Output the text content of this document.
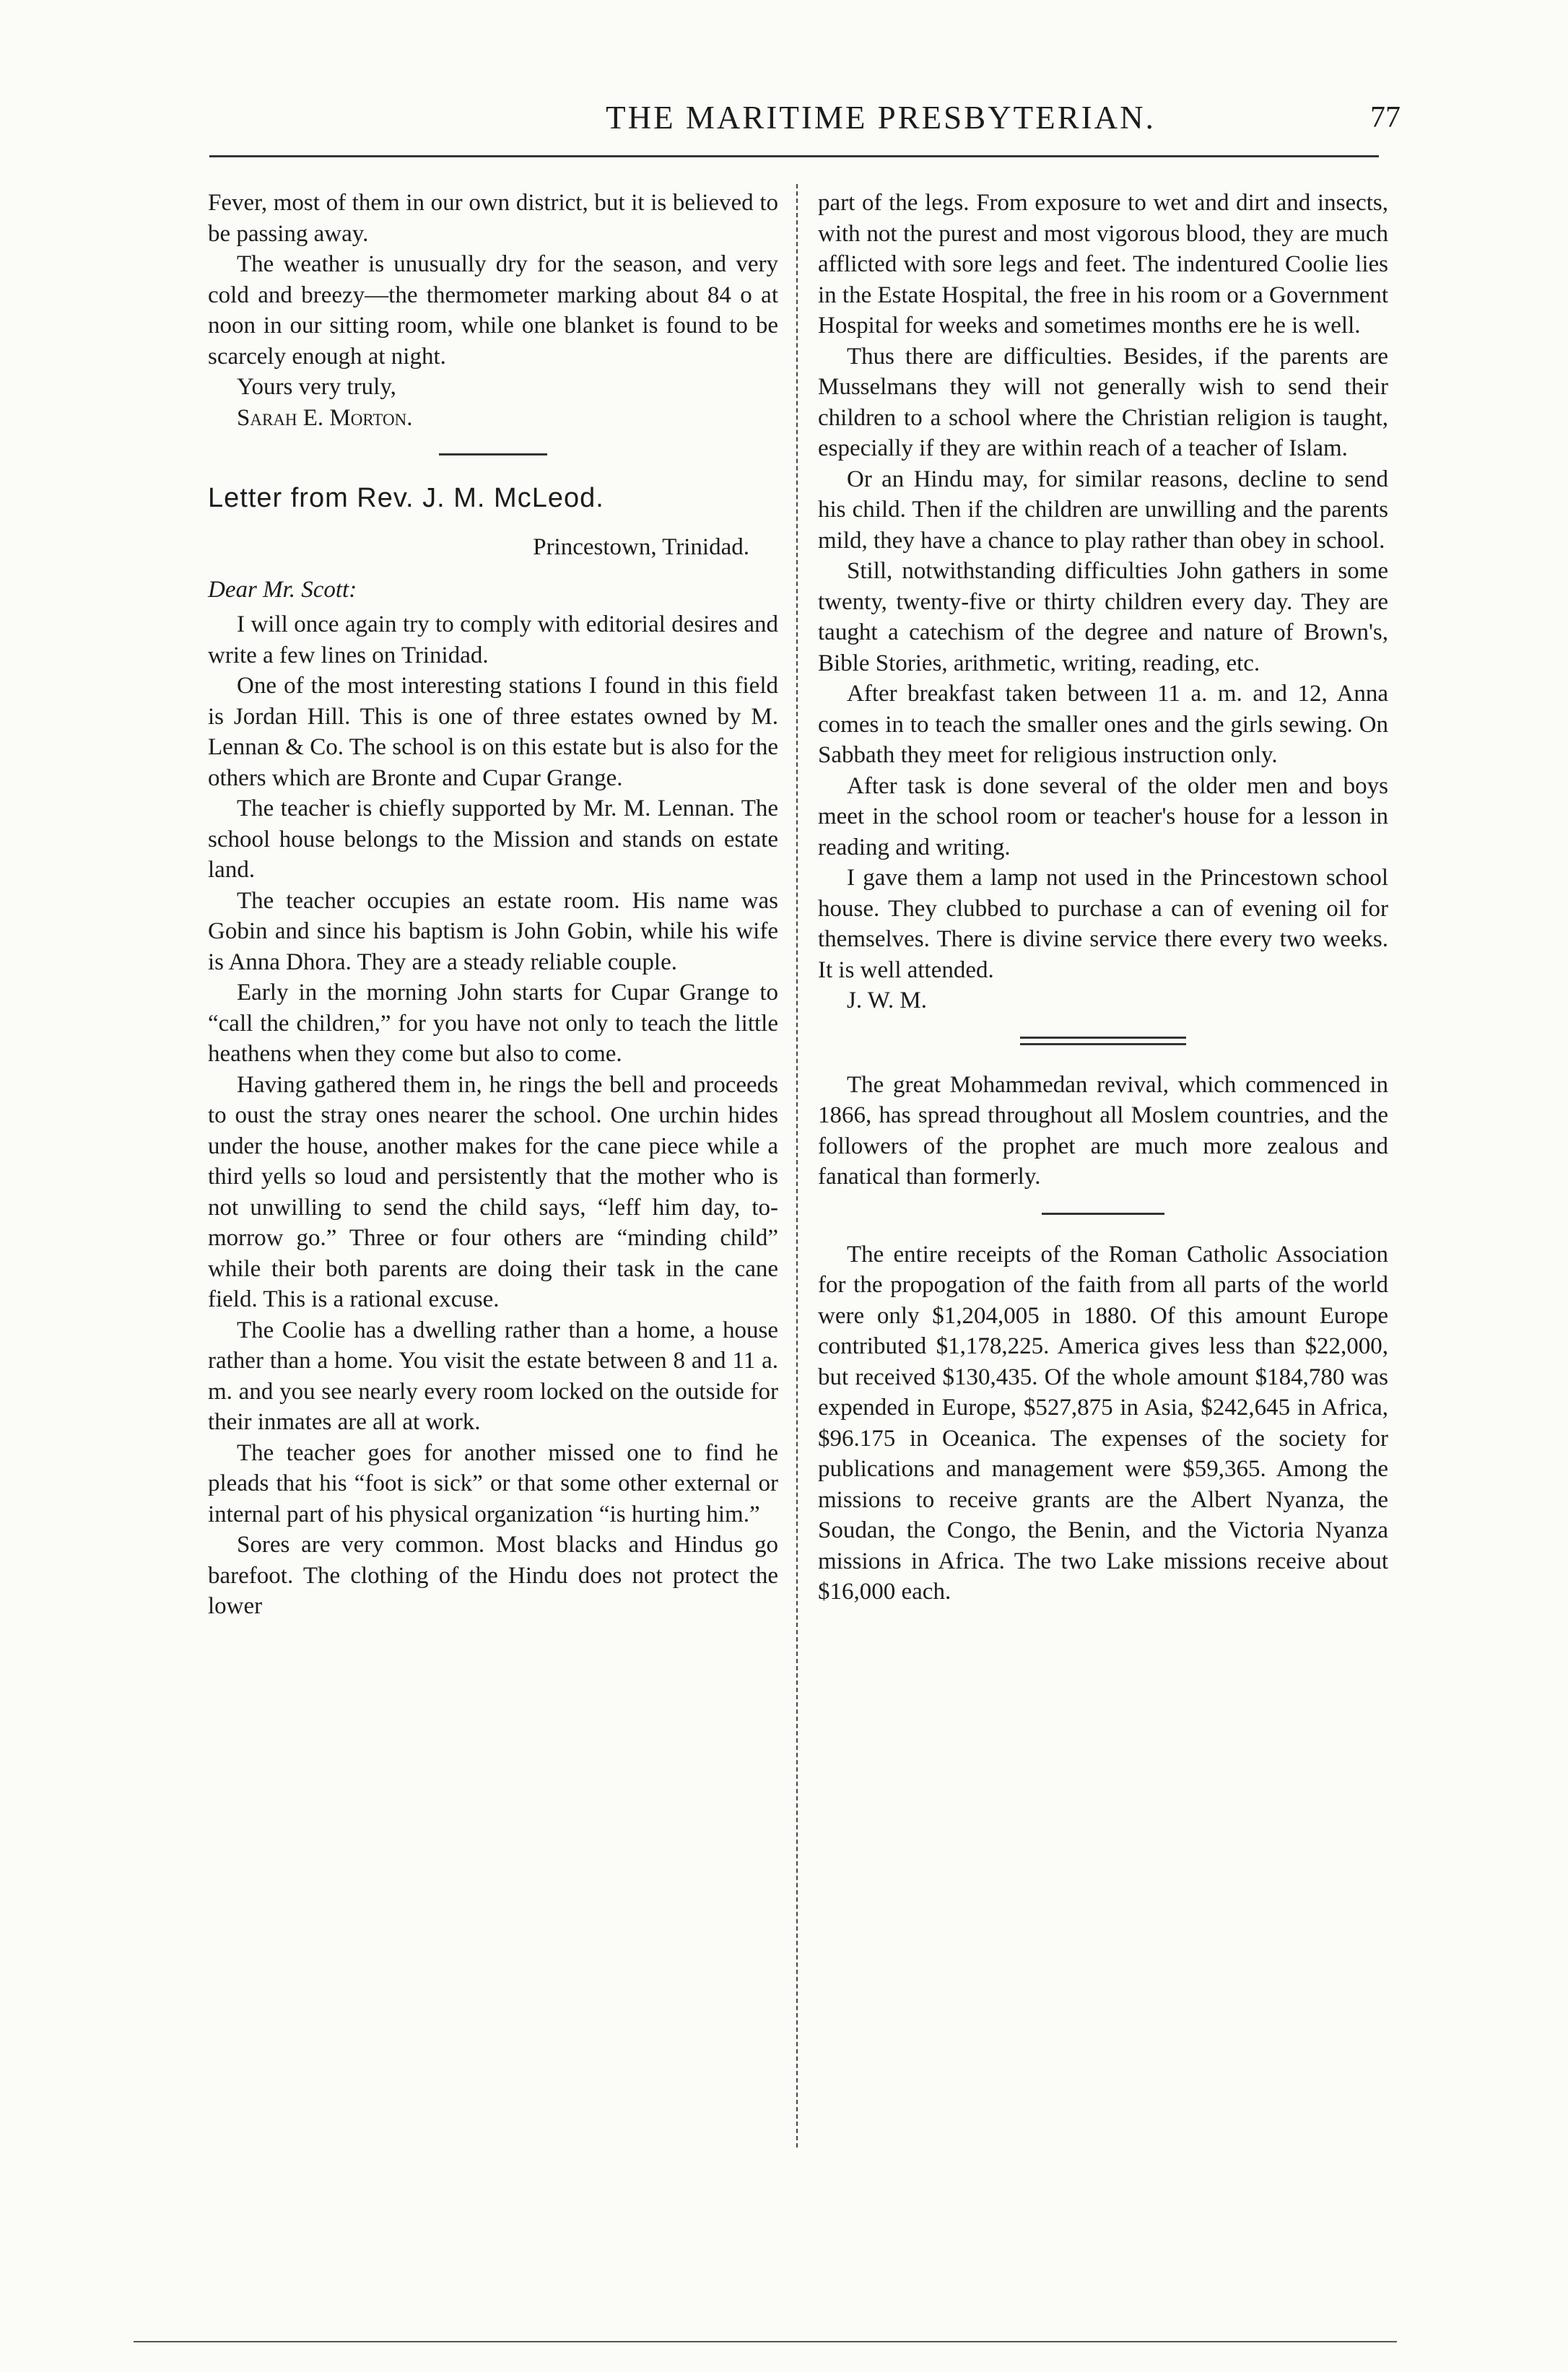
THE MARITIME PRESBYTERIAN.	77

Fever, most of them in our own district, but it is believed to be passing away.

The weather is unusually dry for the season, and very cold and breezy—the thermometer marking about 84 o at noon in our sitting room, while one blanket is found to be scarcely enough at night.

Yours very truly,

Sarah E. Morton.

Letter from Rev. J. M. McLeod.
Princestown, Trinidad.
Dear Mr. Scott:

I will once again try to comply with editorial desires and write a few lines on Trinidad.

One of the most interesting stations I found in this field is Jordan Hill. This is one of three estates owned by M. Lennan & Co. The school is on this estate but is also for the others which are Bronte and Cupar Grange.

The teacher is chiefly supported by Mr. M. Lennan. The school house belongs to the Mission and stands on estate land.

The teacher occupies an estate room. His name was Gobin and since his baptism is John Gobin, while his wife is Anna Dhora. They are a steady reliable couple.

Early in the morning John starts for Cupar Grange to “call the children,” for you have not only to teach the little heathens when they come but also to come.

Having gathered them in, he rings the bell and proceeds to oust the stray ones nearer the school. One urchin hides under the house, another makes for the cane piece while a third yells so loud and persistently that the mother who is not unwilling to send the child says, “leff him day, to-morrow go.” Three or four others are “minding child” while their both parents are doing their task in the cane field. This is a rational excuse.

The Coolie has a dwelling rather than a home, a house rather than a home. You visit the estate between 8 and 11 a. m. and you see nearly every room locked on the outside for their inmates are all at work.

The teacher goes for another missed one to find he pleads that his “foot is sick” or that some other external or internal part of his physical organization “is hurting him.”

Sores are very common. Most blacks and Hindus go barefoot. The clothing of the Hindu does not protect the lower

part of the legs. From exposure to wet and dirt and insects, with not the purest and most vigorous blood, they are much afflicted with sore legs and feet. The indentured Coolie lies in the Estate Hospital, the free in his room or a Government Hospital for weeks and sometimes months ere he is well.

Thus there are difficulties. Besides, if the parents are Musselmans they will not generally wish to send their children to a school where the Christian religion is taught, especially if they are within reach of a teacher of Islam.

Or an Hindu may, for similar reasons, decline to send his child. Then if the children are unwilling and the parents mild, they have a chance to play rather than obey in school.

Still, notwithstanding difficulties John gathers in some twenty, twenty-five or thirty children every day. They are taught a catechism of the degree and nature of Brown's, Bible Stories, arithmetic, writing, reading, etc.

After breakfast taken between 11 a. m. and 12, Anna comes in to teach the smaller ones and the girls sewing. On Sabbath they meet for religious instruction only.

After task is done several of the older men and boys meet in the school room or teacher's house for a lesson in reading and writing.

I gave them a lamp not used in the Princestown school house. They clubbed to purchase a can of evening oil for themselves. There is divine service there every two weeks. It is well attended.

J. W. M.

The great Mohammedan revival, which commenced in 1866, has spread throughout all Moslem countries, and the followers of the prophet are much more zealous and fanatical than formerly.

The entire receipts of the Roman Catholic Association for the propogation of the faith from all parts of the world were only $1,204,005 in 1880. Of this amount Europe contributed $1,178,225. America gives less than $22,000, but received $130,435. Of the whole amount $184,780 was expended in Europe, $527,875 in Asia, $242,645 in Africa, $96.175 in Oceanica. The expenses of the society for publications and management were $59,365. Among the missions to receive grants are the Albert Nyanza, the Soudan, the Congo, the Benin, and the Victoria Nyanza missions in Africa. The two Lake missions receive about $16,000 each.
